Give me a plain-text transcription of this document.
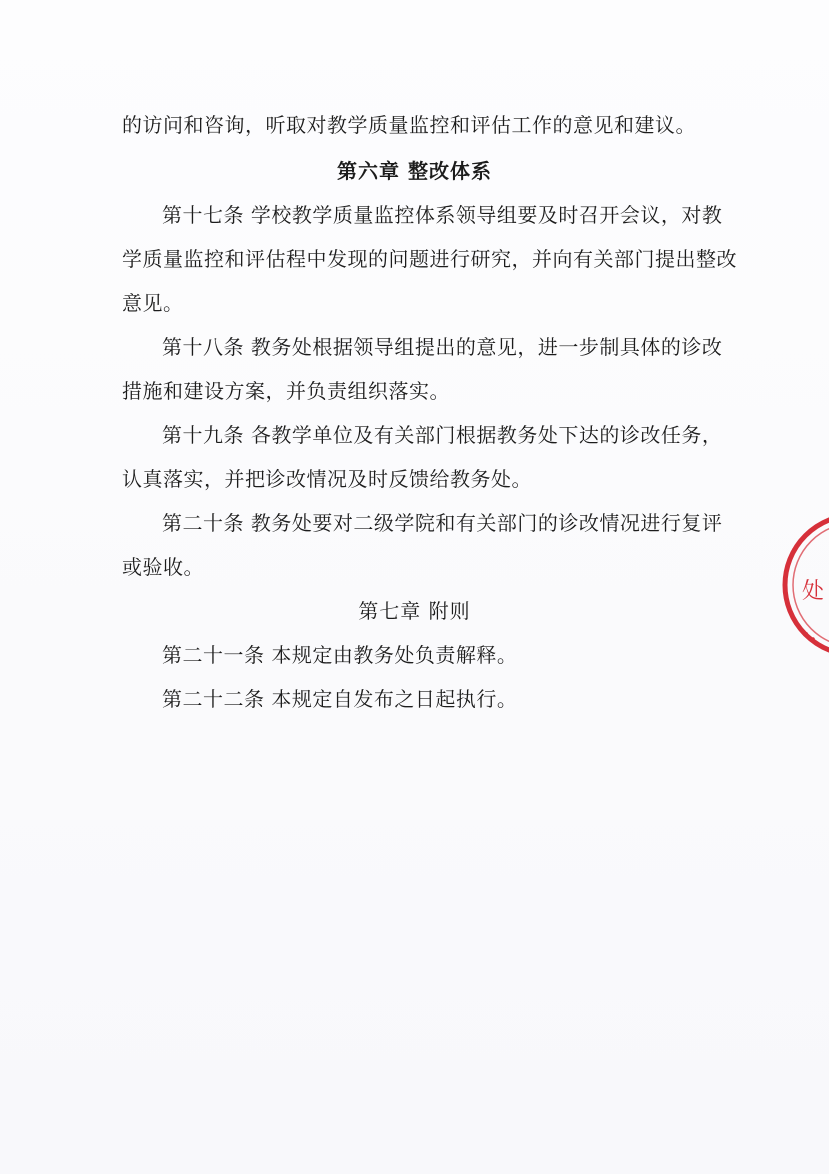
的访问和咨询，听取对教学质量监控和评估工作的意见和建议。
第六章 整改体系
第十七条 学校教学质量监控体系领导组要及时召开会议，对教
学质量监控和评估程中发现的问题进行研究，并向有关部门提出整改
意见。
第十八条 教务处根据领导组提出的意见，进一步制具体的诊改
措施和建设方案，并负责组织落实。
第十九条 各教学单位及有关部门根据教务处下达的诊改任务，
认真落实，并把诊改情况及时反馈给教务处。
第二十条 教务处要对二级学院和有关部门的诊改情况进行复评
或验收。
第七章 附则
第二十一条 本规定由教务处负责解释。
第二十二条 本规定自发布之日起执行。
处
